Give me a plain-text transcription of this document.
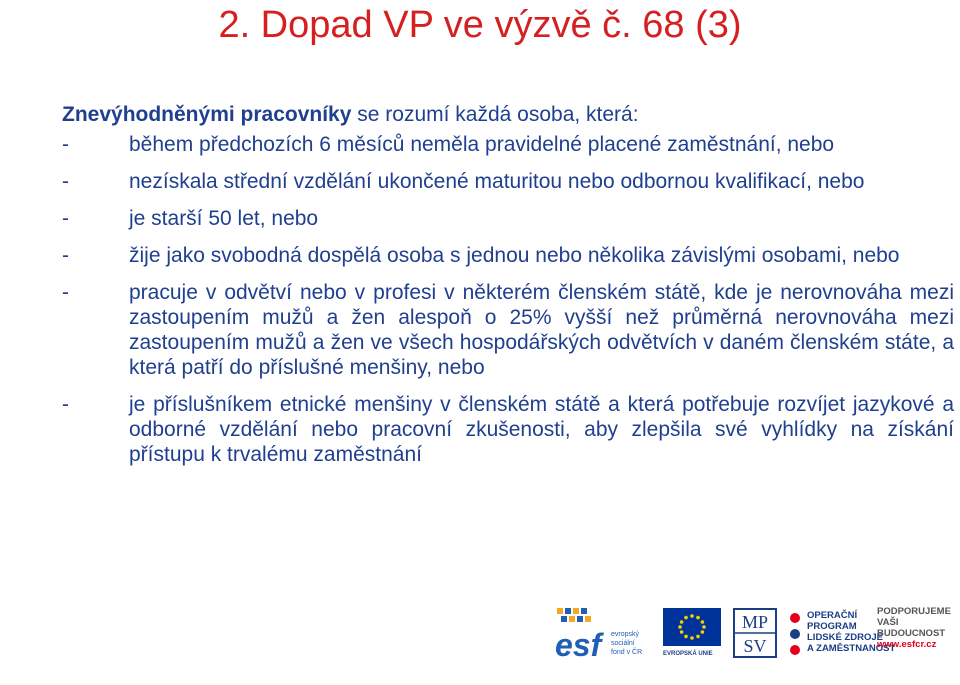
2. Dopad VP ve výzvě č. 68 (3)

Znevýhodněnými pracovníky se rozumí každá osoba, která:

-	během předchozích 6 měsíců neměla pravidelné placené zaměstnání, nebo
-	nezískala střední vzdělání ukončené maturitou nebo odbornou kvalifikací, nebo
-	je starší 50 let, nebo
-	žije jako svobodná dospělá osoba s jednou nebo několika závislými osobami, nebo
-	pracuje v odvětví nebo v profesi v některém členském státě, kde je nerovnováha mezi zastoupením mužů a žen alespoň o 25% vyšší než průměrná nerovnováha mezi zastoupením mužů a žen ve všech hospodářských odvětvích v daném členském státe, a která patří do příslušné menšiny, nebo
-	je příslušníkem etnické menšiny v členském státě a která potřebuje rozvíjet jazykové a odborné vzdělání nebo pracovní zkušenosti, aby zlepšila své vyhlídky na získání přístupu k trvalému zaměstnání
esf	evropský
sociální
fond v ČR	EVROPSKÁ UNIE
MP
SV
OPERAČNÍ PROGRAM
LIDSKÉ ZDROJE
A ZAMĚSTNANOST
PODPORUJEME
VAŠI BUDOUCNOST
www.esfcr.cz
